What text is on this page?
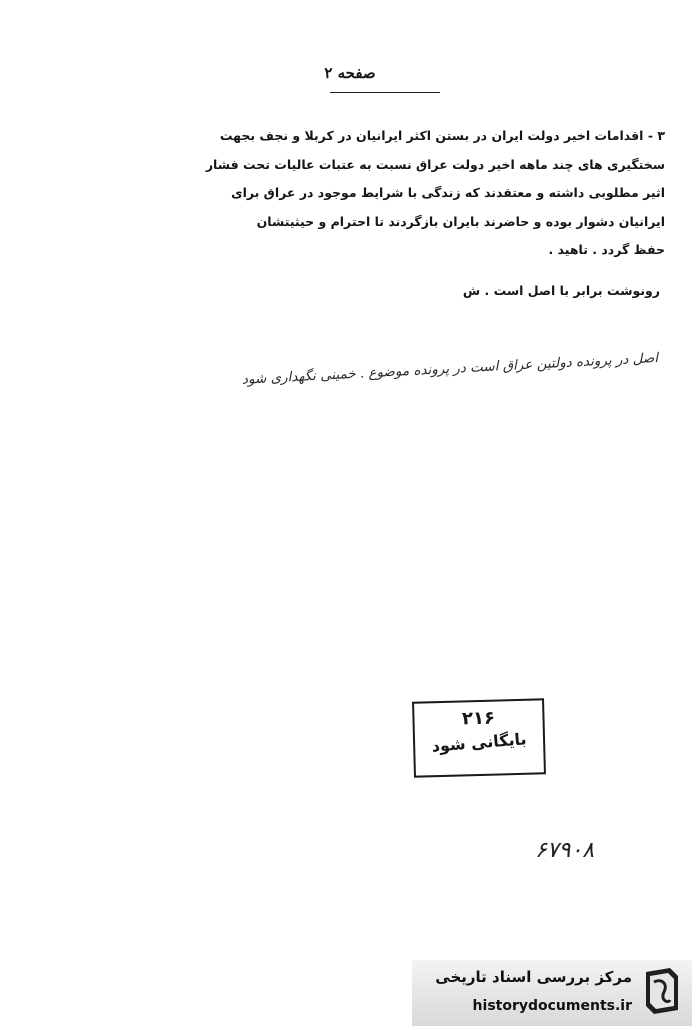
صفحه ۲
۳ - اقدامات اخیر دولت ایران در بستن اکثر ایرانیان در کربلا و نجف بجهت
سختگیری های چند ماهه اخیر دولت عراق نسبت به عتبات عالیات تحت فشار
اثیر مطلوبی داشته و معتقدند که زندگی با شرایط موجود در عراق برای
ایرانیان دشوار بوده و حاضرند بایران بازگردند تا احترام و حیثیتشان
حفظ گردد . تاهید .
رونوشت برابر با اصل است . ش
اصل در پرونده دولتین عراق است در پرونده موضوع . خمینی نگهداری شود
۲۱۶
بایگانی شود
۶۷۹۰۸
مرکز بررسی اسناد تاریخی
historydocuments.ir
